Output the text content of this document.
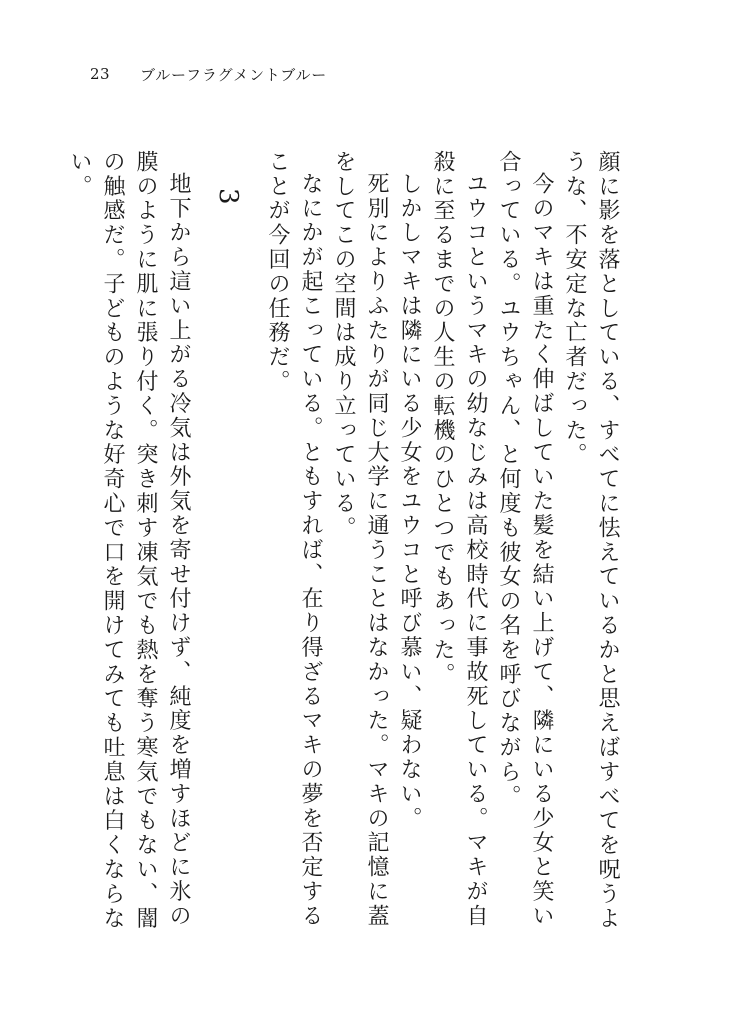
23	ブルーフラグメントブルー

顔に影を落としている、すべてに怯えているかと思えばすべてを呪うような、不安定な亡者だった。

今のマキは重たく伸ばしていた髪を結い上げて、隣にいる少女と笑い合っている。ユウちゃん、と何度も彼女の名を呼びながら。

ユウコというマキの幼なじみは高校時代に事故死している。マキが自殺に至るまでの人生の転機のひとつでもあった。

しかしマキは隣にいる少女をユウコと呼び慕い、疑わない。

死別によりふたりが同じ大学に通うことはなかった。マキの記憶に蓋をしてこの空間は成り立っている。

なにかが起こっている。ともすれば、在り得ざるマキの夢を否定することが今回の任務だ。

3

地下から這い上がる冷気は外気を寄せ付けず、純度を増すほどに氷の膜のように肌に張り付く。突き刺す凍気でも熱を奪う寒気でもない、闇の触感だ。子どものような好奇心で口を開けてみても吐息は白くならない。
